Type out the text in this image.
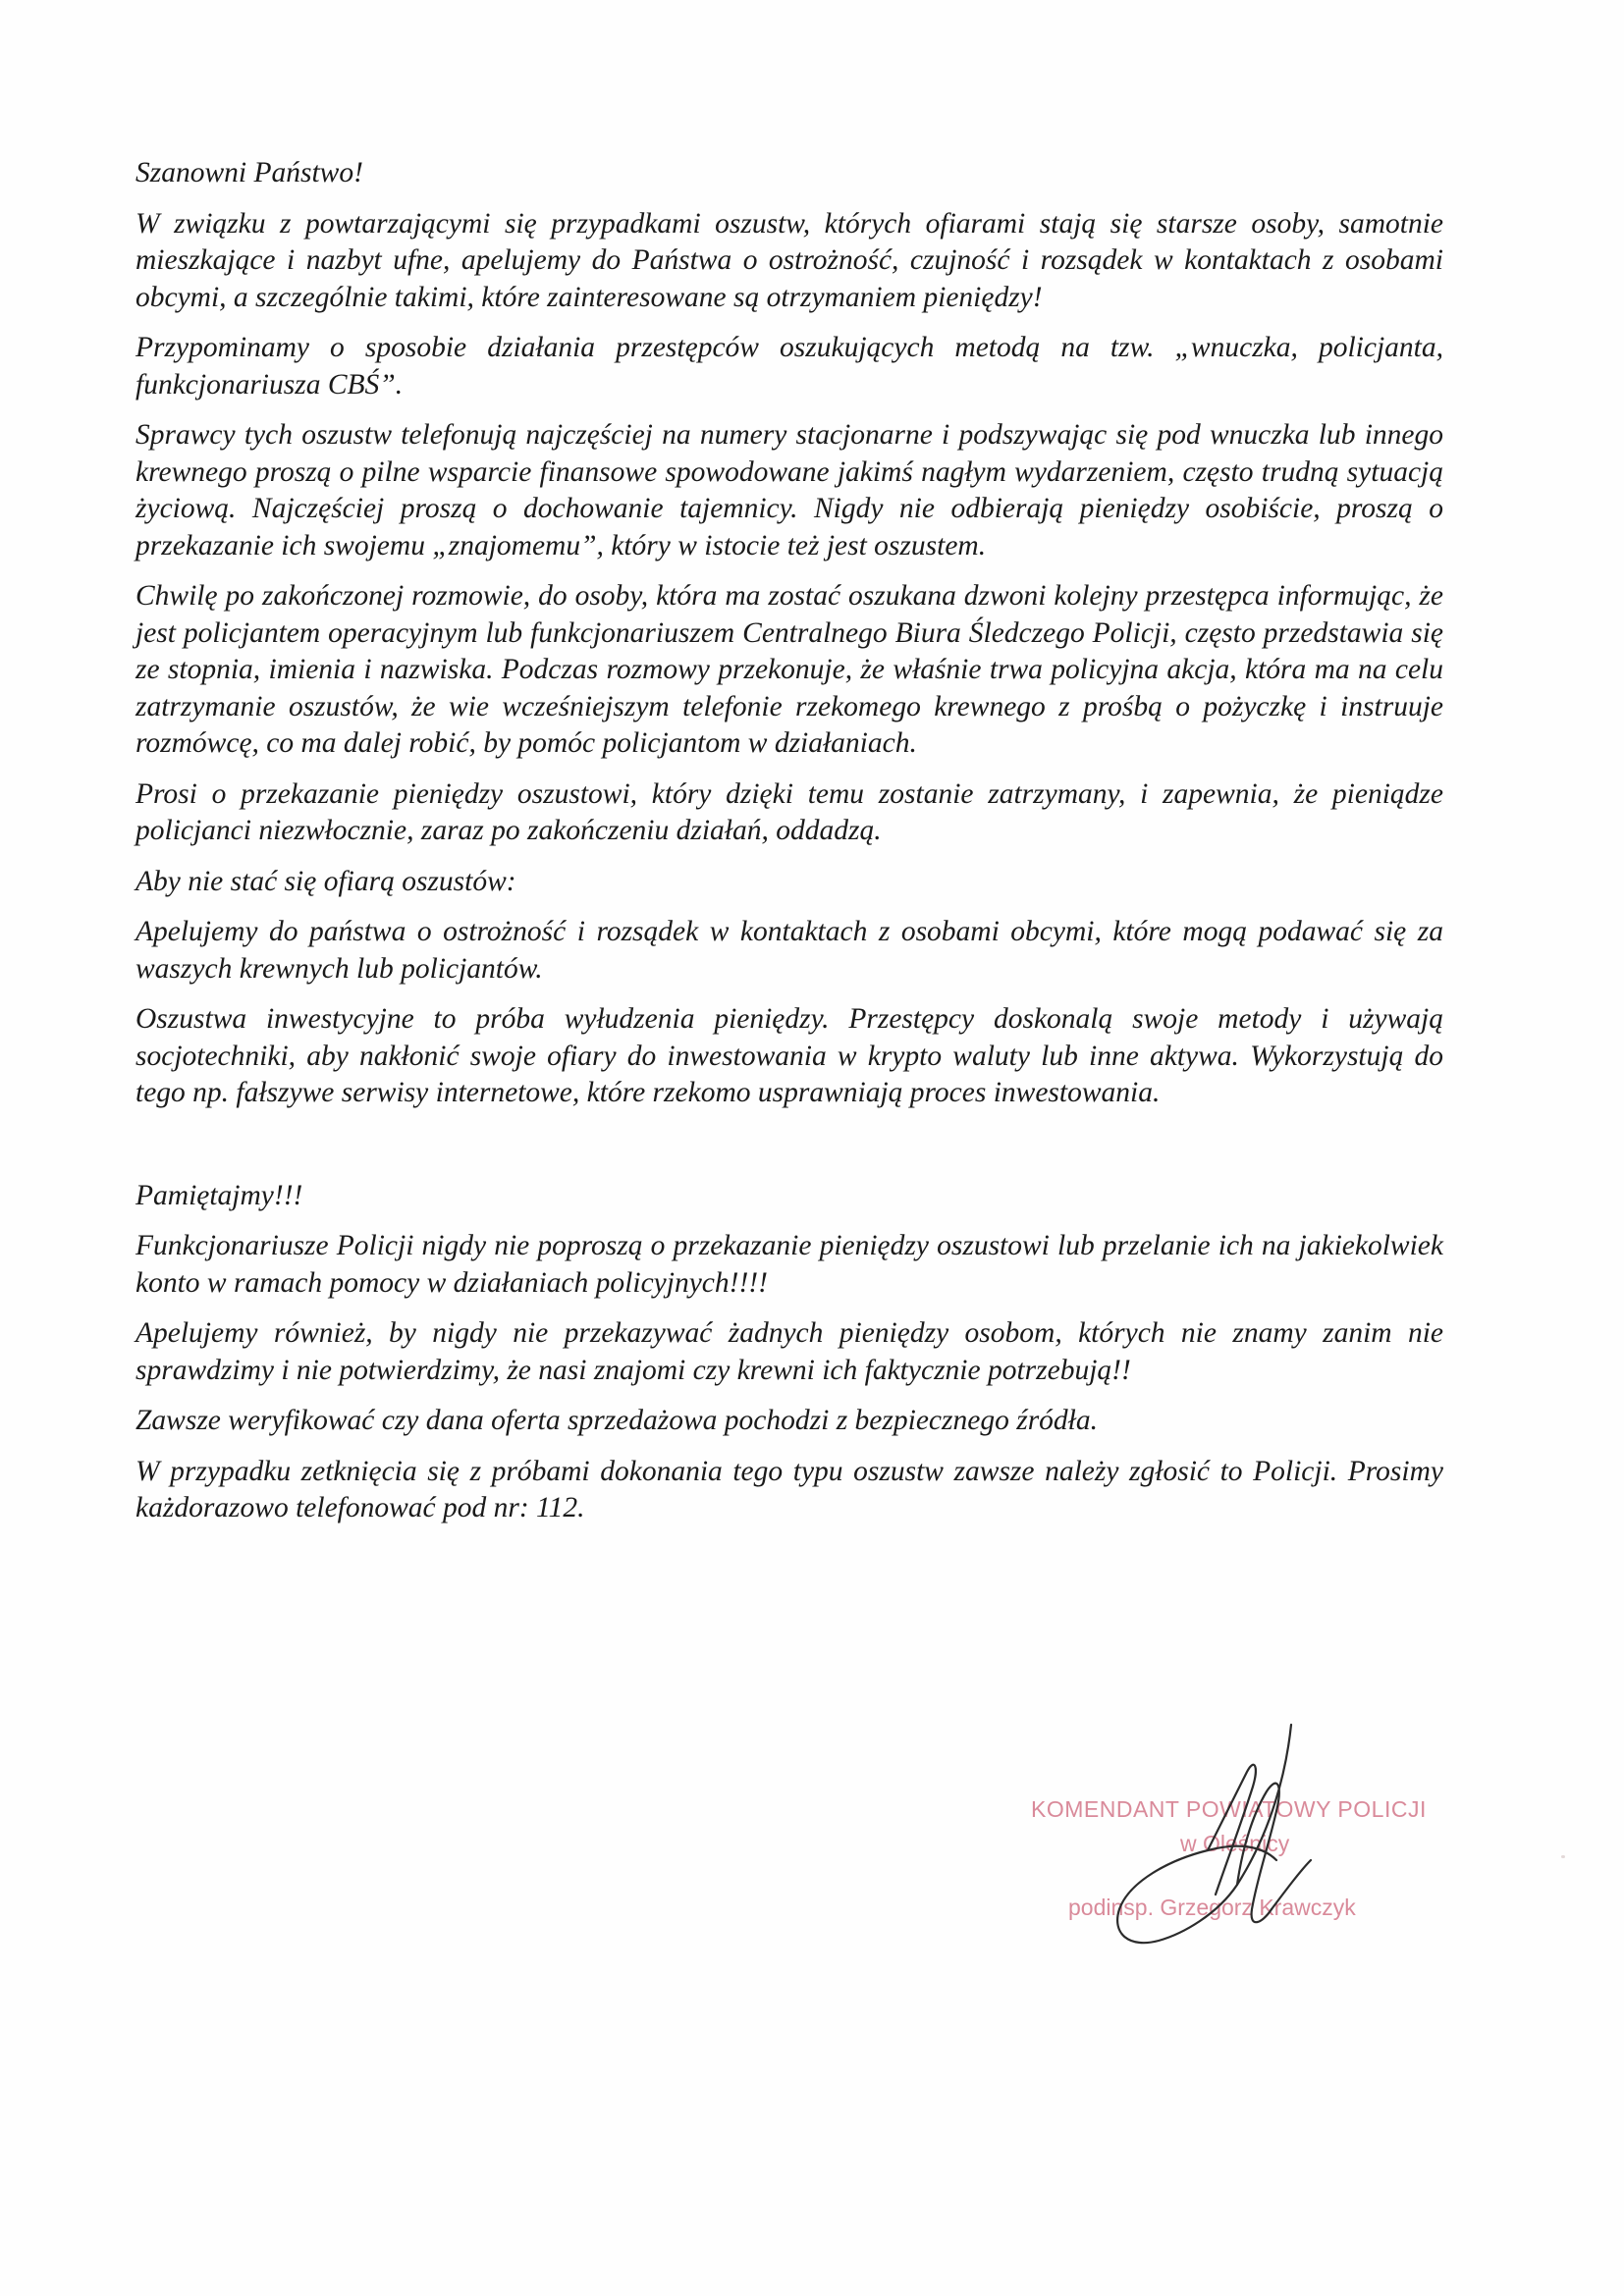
Szanowni Państwo!

W związku z powtarzającymi się przypadkami oszustw, których ofiarami stają się starsze osoby, samotnie mieszkające i nazbyt ufne, apelujemy do Państwa o ostrożność, czujność i rozsądek w kontaktach z osobami obcymi, a szczególnie takimi, które zainteresowane są otrzymaniem pieniędzy!

Przypominamy o sposobie działania przestępców oszukujących metodą na tzw. „wnuczka, policjanta, funkcjonariusza CBŚ”.

Sprawcy tych oszustw telefonują najczęściej na numery stacjonarne i podszywając się pod wnuczka lub innego krewnego proszą o pilne wsparcie finansowe spowodowane jakimś nagłym wydarzeniem, często trudną sytuacją życiową. Najczęściej proszą o dochowanie tajemnicy. Nigdy nie odbierają pieniędzy osobiście, proszą o przekazanie ich swojemu „znajomemu”, który w istocie też jest oszustem.

Chwilę po zakończonej rozmowie, do osoby, która ma zostać oszukana dzwoni kolejny przestępca informując, że jest policjantem operacyjnym lub funkcjonariuszem Centralnego Biura Śledczego Policji, często przedstawia się ze stopnia, imienia i nazwiska. Podczas rozmowy przekonuje, że właśnie trwa policyjna akcja, która ma na celu zatrzymanie oszustów, że wie wcześniejszym telefonie rzekomego krewnego z prośbą o pożyczkę i instruuje rozmówcę, co ma dalej robić, by pomóc policjantom w działaniach.

Prosi o przekazanie pieniędzy oszustowi, który dzięki temu zostanie zatrzymany, i zapewnia, że pieniądze policjanci niezwłocznie, zaraz po zakończeniu działań, oddadzą.

Aby nie stać się ofiarą oszustów:

Apelujemy do państwa o ostrożność i rozsądek w kontaktach z osobami obcymi, które mogą podawać się za waszych krewnych lub policjantów.

Oszustwa inwestycyjne to próba wyłudzenia pieniędzy. Przestępcy doskonalą swoje metody i używają socjotechniki, aby nakłonić swoje ofiary do inwestowania w krypto waluty lub inne aktywa. Wykorzystują do tego np. fałszywe serwisy internetowe, które rzekomo usprawniają proces inwestowania.

Pamiętajmy!!!

Funkcjonariusze Policji nigdy nie poproszą o przekazanie pieniędzy oszustowi lub przelanie ich na jakiekolwiek konto w ramach pomocy w działaniach policyjnych!!!!

Apelujemy również, by nigdy nie przekazywać żadnych pieniędzy osobom, których nie znamy zanim nie sprawdzimy i nie potwierdzimy, że nasi znajomi czy krewni ich faktycznie potrzebują!!

Zawsze weryfikować czy dana oferta sprzedażowa pochodzi z bezpiecznego źródła.

W przypadku zetknięcia się z próbami dokonania tego typu oszustw zawsze należy zgłosić to Policji. Prosimy każdorazowo telefonować pod nr: 112.

KOMENDANT POWIATOWY POLICJI
w Oleśnicy
podinsp. Grzegorz Krawczyk
